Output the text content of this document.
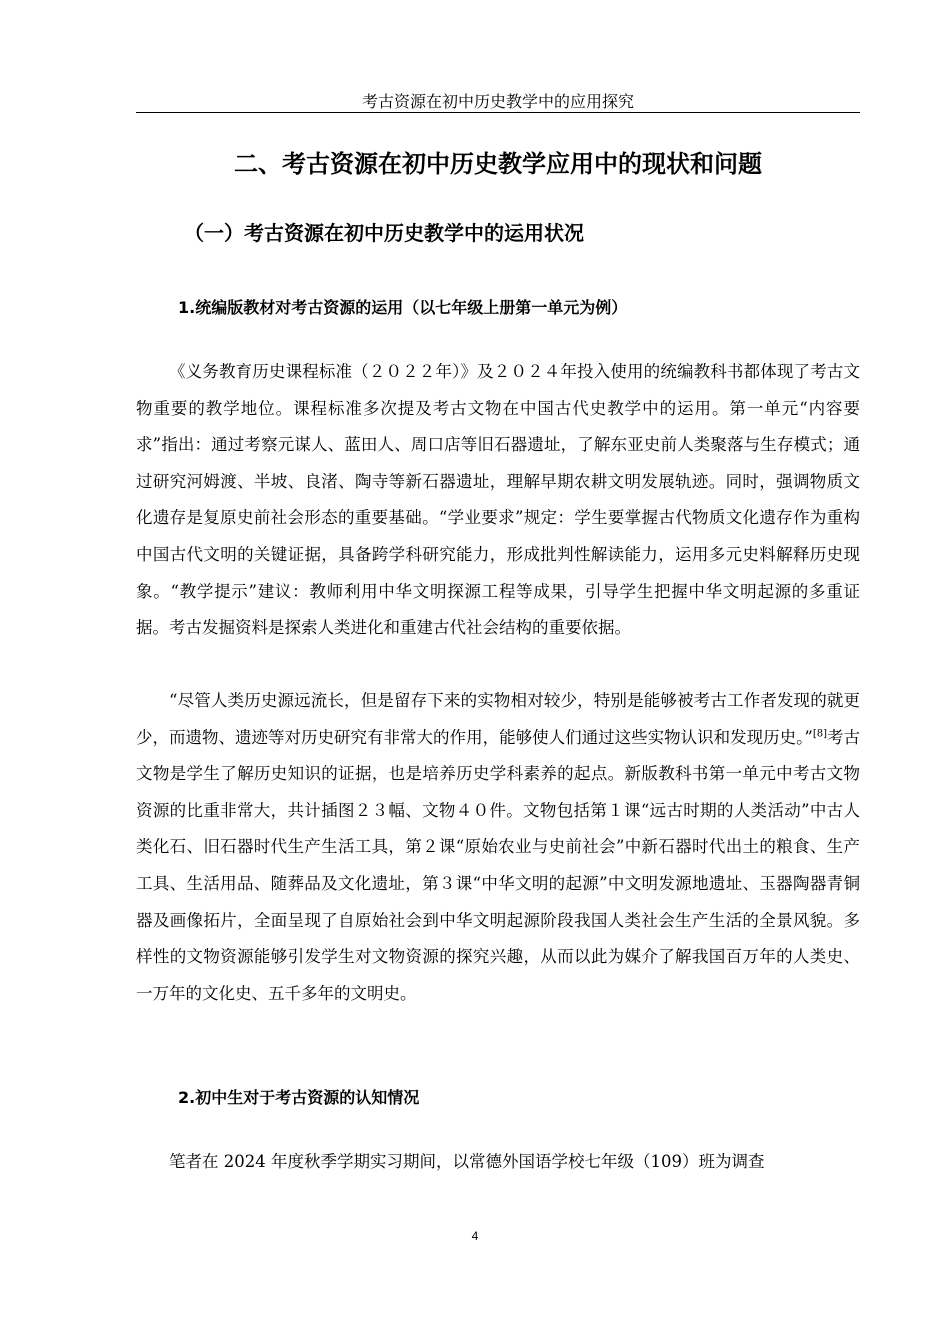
考古资源在初中历史教学中的应用探究
二、考古资源在初中历史教学应用中的现状和问题
（一）考古资源在初中历史教学中的运用状况
1.统编版教材对考古资源的运用（以七年级上册第一单元为例）

《义务教育历史课程标准（２０２２年）》及２０２４年投入使用的统编教科书都体现了考古文物重要的教学地位。课程标准多次提及考古文物在中国古代史教学中的运用。第一单元“内容要求”指出：通过考察元谋人、蓝田人、周口店等旧石器遗址，了解东亚史前人类聚落与生存模式；通过研究河姆渡、半坡、良渚、陶寺等新石器遗址，理解早期农耕文明发展轨迹。同时，强调物质文化遗存是复原史前社会形态的重要基础。“学业要求”规定：学生要掌握古代物质文化遗存作为重构中国古代文明的关键证据，具备跨学科研究能力，形成批判性解读能力，运用多元史料解释历史现象。“教学提示”建议：教师利用中华文明探源工程等成果，引导学生把握中华文明起源的多重证据。考古发掘资料是探索人类进化和重建古代社会结构的重要依据。

“尽管人类历史源远流长，但是留存下来的实物相对较少，特别是能够被考古工作者发现的就更少，而遗物、遗迹等对历史研究有非常大的作用，能够使人们通过这些实物认识和发现历史。”[8]考古文物是学生了解历史知识的证据，也是培养历史学科素养的起点。新版教科书第一单元中考古文物资源的比重非常大，共计插图２３幅、文物４０件。文物包括第１课“远古时期的人类活动”中古人类化石、旧石器时代生产生活工具，第２课“原始农业与史前社会”中新石器时代出土的粮食、生产工具、生活用品、随葬品及文化遗址，第３课“中华文明的起源”中文明发源地遗址、玉器陶器青铜器及画像拓片，全面呈现了自原始社会到中华文明起源阶段我国人类社会生产生活的全景风貌。多样性的文物资源能够引发学生对文物资源的探究兴趣，从而以此为媒介了解我国百万年的人类史、一万年的文化史、五千多年的文明史。

2.初中生对于考古资源的认知情况

笔者在 2024 年度秋季学期实习期间，以常德外国语学校七年级（109）班为调查

4
